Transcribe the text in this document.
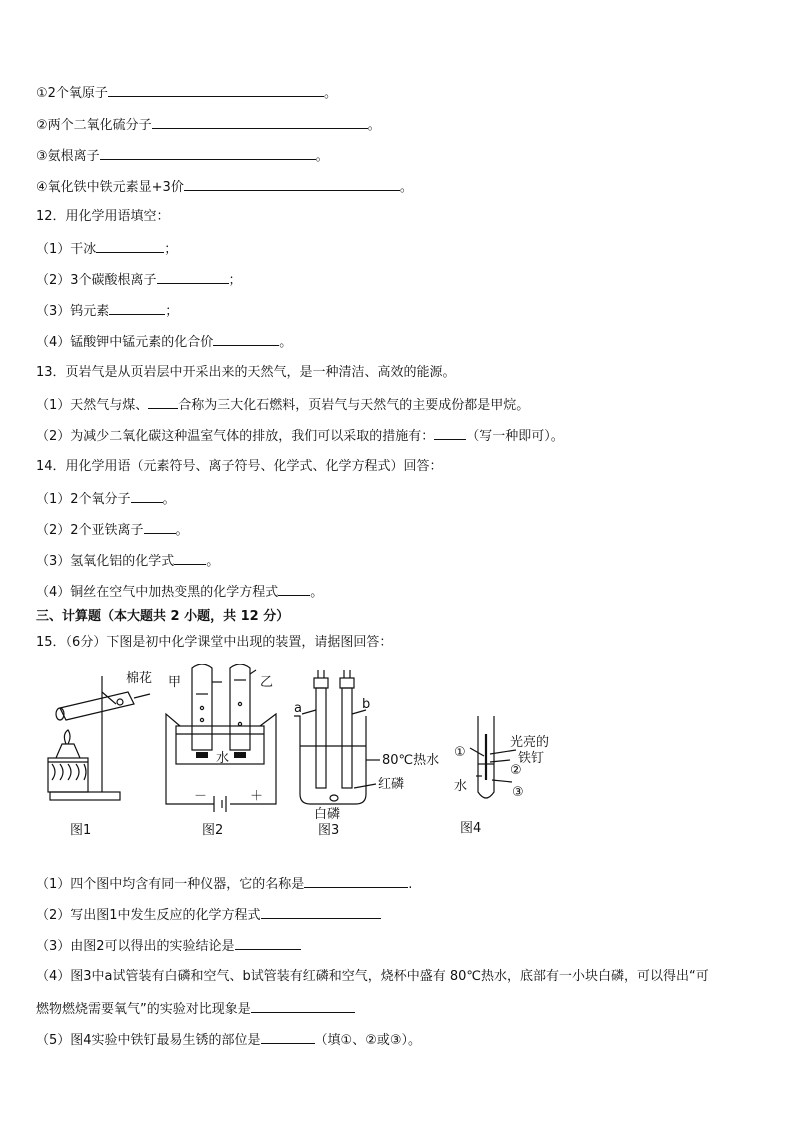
①2个氧原子	。
②两个二氧化硫分子	。
③氨根离子	。
④氧化铁中铁元素显+3价	。
12．用化学用语填空：
（1）干冰	；
（2）3个碳酸根离子	；
（3）钨元素	；
（4）锰酸钾中锰元素的化合价	。
13．页岩气是从页岩层中开采出来的天然气，是一种清洁、高效的能源。
（1）天然气与煤、 合称为三大化石燃料，页岩气与天然气的主要成份都是甲烷。
（2）为减少二氧化碳这种温室气体的排放，我们可以采取的措施有： （写一种即可）。
14．用化学用语（元素符号、离子符号、化学式、化学方程式）回答：
（1）2个氧分子 。
（2）2个亚铁离子 。
（3）氢氧化铝的化学式 。
（4）铜丝在空气中加热变黑的化学方程式 。
三、计算题（本大题共 2 小题，共 12 分）
15．（6分）下图是初中化学课堂中出现的装置，请据图回答：
棉花
图1
甲	乙
水
－	＋
图2
a	b
80℃热水
红磷
白磷
图3
光亮的
铁钉
水
①
②
③
图4
（1）四个图中均含有同一种仪器，它的名称是	.
（2）写出图1中发生反应的化学方程式
（3）由图2可以得出的实验结论是
（4）图3中a试管装有白磷和空气、b试管装有红磷和空气，烧杯中盛有 80℃热水，底部有一小块白磷，可以得出“可
燃物燃烧需要氧气”的实验对比现象是
（5）图4实验中铁钉最易生锈的部位是	（填①、②或③）。
